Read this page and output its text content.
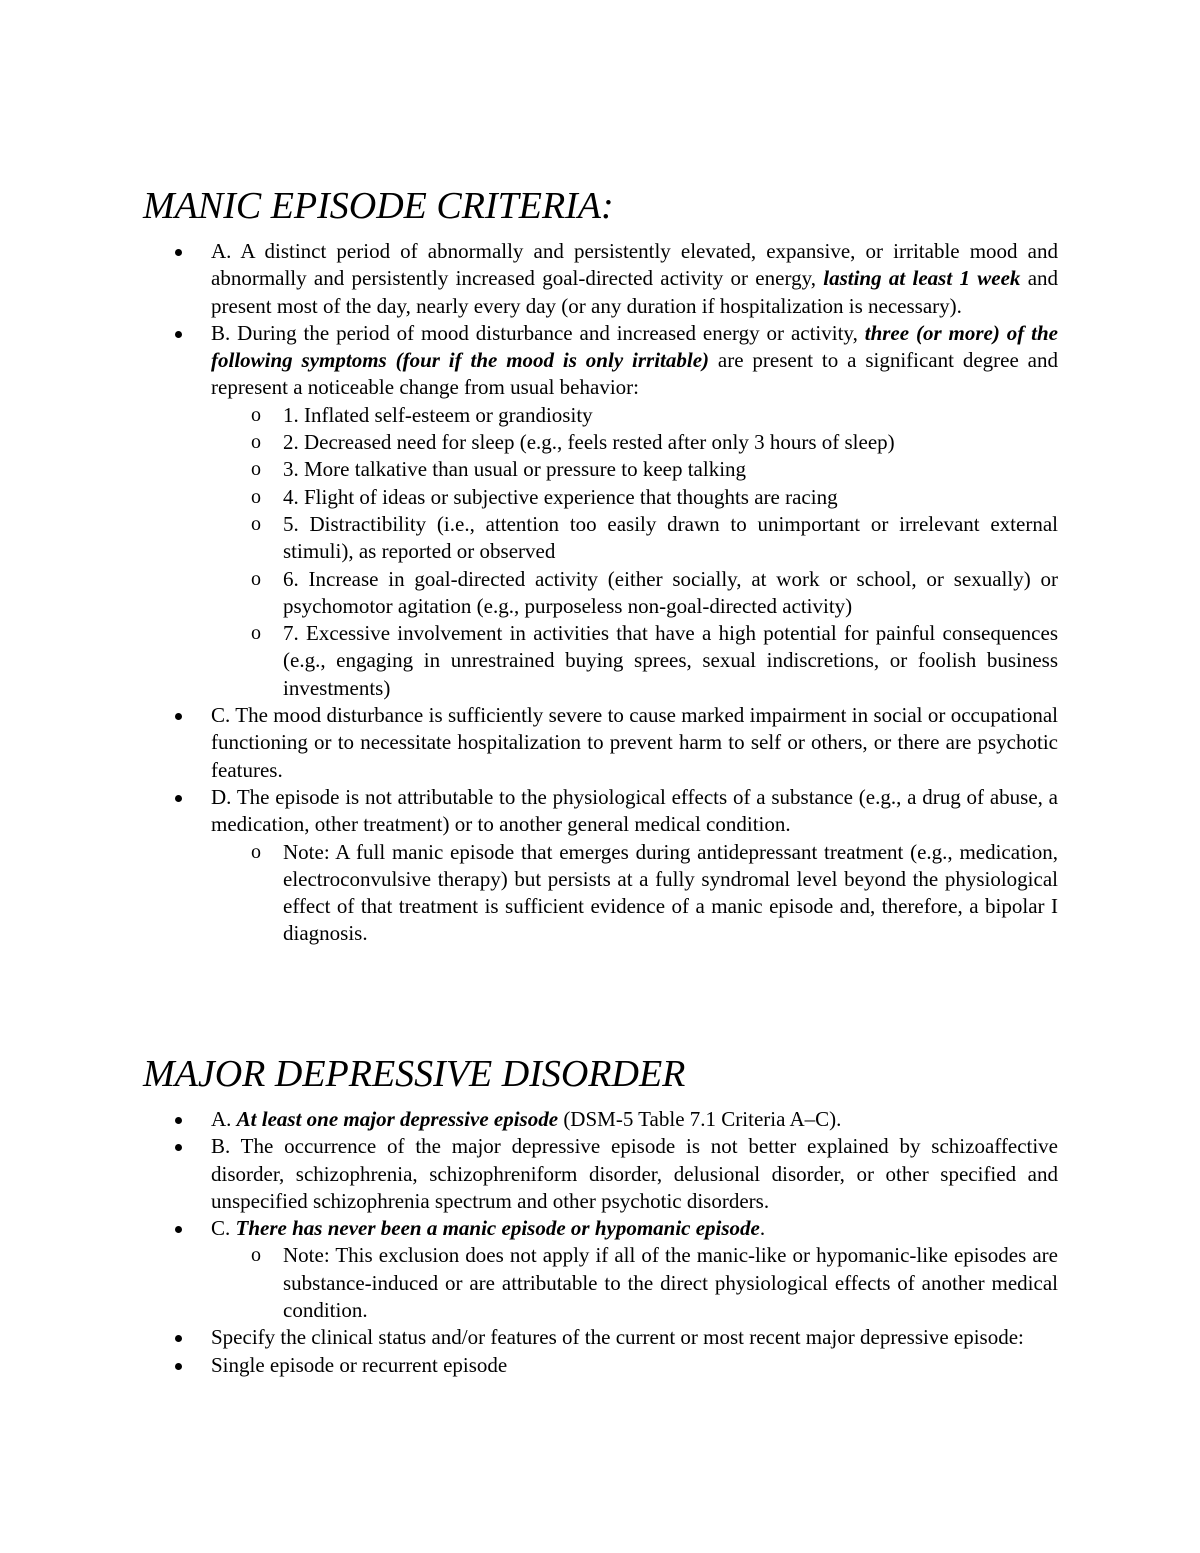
MANIC EPISODE CRITERIA:
A. A distinct period of abnormally and persistently elevated, expansive, or irritable mood and abnormally and persistently increased goal-directed activity or energy, lasting at least 1 week and present most of the day, nearly every day (or any duration if hospitalization is necessary).
B. During the period of mood disturbance and increased energy or activity, three (or more) of the following symptoms (four if the mood is only irritable) are present to a significant degree and represent a noticeable change from usual behavior:
o 1. Inflated self-esteem or grandiosity
o 2. Decreased need for sleep (e.g., feels rested after only 3 hours of sleep)
o 3. More talkative than usual or pressure to keep talking
o 4. Flight of ideas or subjective experience that thoughts are racing
o 5. Distractibility (i.e., attention too easily drawn to unimportant or irrelevant external stimuli), as reported or observed
o 6. Increase in goal-directed activity (either socially, at work or school, or sexually) or psychomotor agitation (e.g., purposeless non-goal-directed activity)
o 7. Excessive involvement in activities that have a high potential for painful consequences (e.g., engaging in unrestrained buying sprees, sexual indiscretions, or foolish business investments)
C. The mood disturbance is sufficiently severe to cause marked impairment in social or occupational functioning or to necessitate hospitalization to prevent harm to self or others, or there are psychotic features.
D. The episode is not attributable to the physiological effects of a substance (e.g., a drug of abuse, a medication, other treatment) or to another general medical condition.
o Note: A full manic episode that emerges during antidepressant treatment (e.g., medication, electroconvulsive therapy) but persists at a fully syndromal level beyond the physiological effect of that treatment is sufficient evidence of a manic episode and, therefore, a bipolar I diagnosis.
MAJOR DEPRESSIVE DISORDER
A. At least one major depressive episode (DSM-5 Table 7.1 Criteria A–C).
B. The occurrence of the major depressive episode is not better explained by schizoaffective disorder, schizophrenia, schizophreniform disorder, delusional disorder, or other specified and unspecified schizophrenia spectrum and other psychotic disorders.
C. There has never been a manic episode or hypomanic episode.
o Note: This exclusion does not apply if all of the manic-like or hypomanic-like episodes are substance-induced or are attributable to the direct physiological effects of another medical condition.
Specify the clinical status and/or features of the current or most recent major depressive episode:
Single episode or recurrent episode
